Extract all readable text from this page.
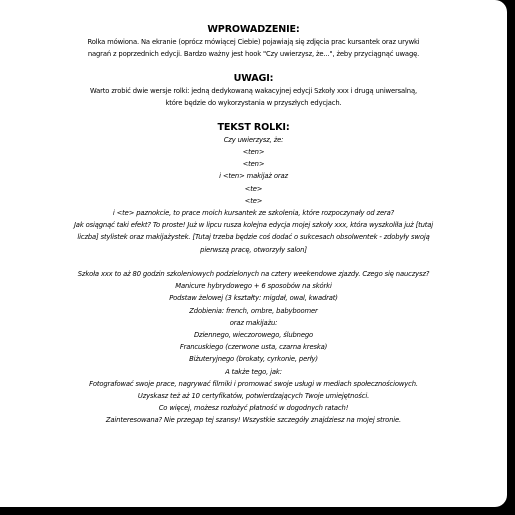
WPROWADZENIE:
Rolka mówiona. Na ekranie (oprócz mówiącej Ciebie) pojawiają się zdjęcia prac kursantek oraz urywki
nagrań z poprzednich edycji. Bardzo ważny jest hook "Czy uwierzysz, że...", żeby przyciągnąć uwagę.
UWAGI:
Warto zrobić dwie wersje rolki: jedną dedykowaną wakacyjnej edycji Szkoły xxx i drugą uniwersalną,
które będzie do wykorzystania w przyszłych edycjach.
TEKST ROLKI:
Czy uwierzysz, że:
<ten>
<ten>
i <ten> makijaż oraz
<te>
<te>
i <te> paznokcie, to prace moich kursantek ze szkolenia, które rozpoczynały od zera?
Jak osiągnąć taki efekt? To proste! Już w lipcu rusza kolejna edycja mojej szkoły xxx, która wyszkoliła już [tutaj
liczba] stylistek oraz makijażystek. [Tutaj trzeba będzie coś dodać o sukcesach obsolwentek - zdobyły swoją
pierwszą pracę, otworzyły salon]
Szkoła xxx to aż 80 godzin szkoleniowych podzielonych na cztery weekendowe zjazdy. Czego się nauczysz?
Manicure hybrydowego + 6 sposobów na skórki
Podstaw żelowej (3 kształty: migdał, owal, kwadrat)
Zdobienia: french, ombre, babyboomer
oraz makijażu:
Dziennego, wieczorowego, ślubnego
Francuskiego (czerwone usta, czarna kreska)
Biżuteryjnego (brokaty, cyrkonie, perły)
A także tego, jak:
Fotografować swoje prace, nagrywać filmiki i promować swoje usługi w mediach społecznościowych.
Uzyskasz też aż 10 certyfikatów, potwierdzających Twoje umiejętności.
Co więcej, możesz rozłożyć płatność w dogodnych ratach!
Zainteresowana? Nie przegap tej szansy! Wszystkie szczegóły znajdziesz na mojej stronie.
